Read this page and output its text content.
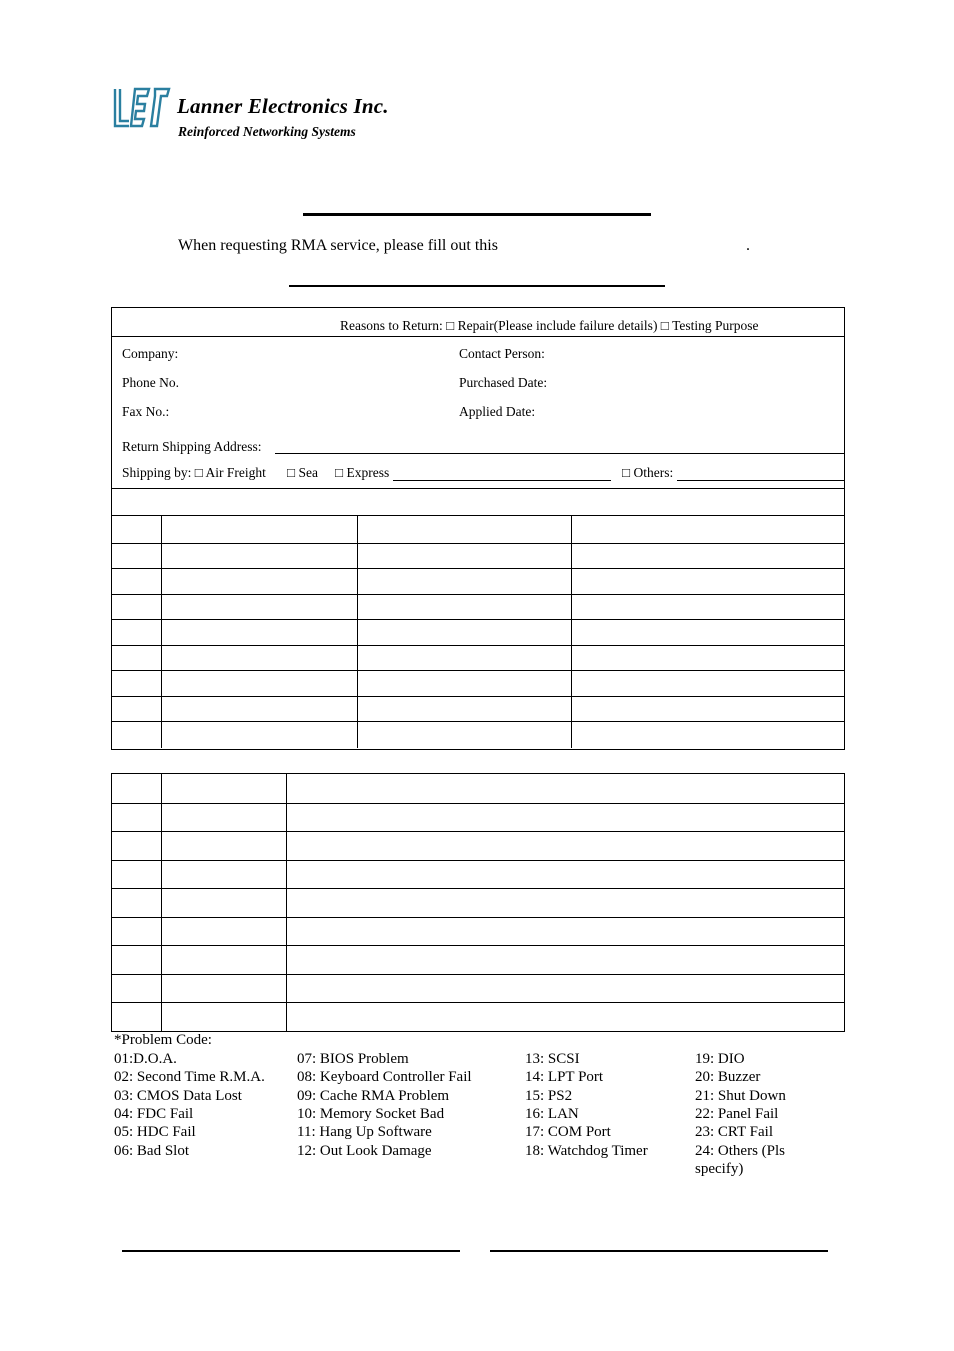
Lanner Electronics Inc.
Reinforced Networking Systems
When requesting RMA service, please fill out this	.
Reasons to Return: □ Repair(Please include failure details) □ Testing Purpose
Company:	Contact Person:
Phone No.	Purchased Date:
Fax No.:	Applied Date:
Return Shipping Address:
Shipping by: □ Air Freight □ Sea □ Express	□ Others:
*Problem Code:
01:D.O.A.
02: Second Time R.M.A.
03: CMOS Data Lost
04: FDC Fail
05: HDC Fail
06: Bad Slot
07: BIOS Problem
08: Keyboard Controller Fail
09: Cache RMA Problem
10: Memory Socket Bad
11: Hang Up Software
12: Out Look Damage
13: SCSI
14: LPT Port
15: PS2
16: LAN
17: COM Port
18: Watchdog Timer
19: DIO
20: Buzzer
21: Shut Down
22: Panel Fail
23: CRT Fail
24: Others (Pls
specify)
